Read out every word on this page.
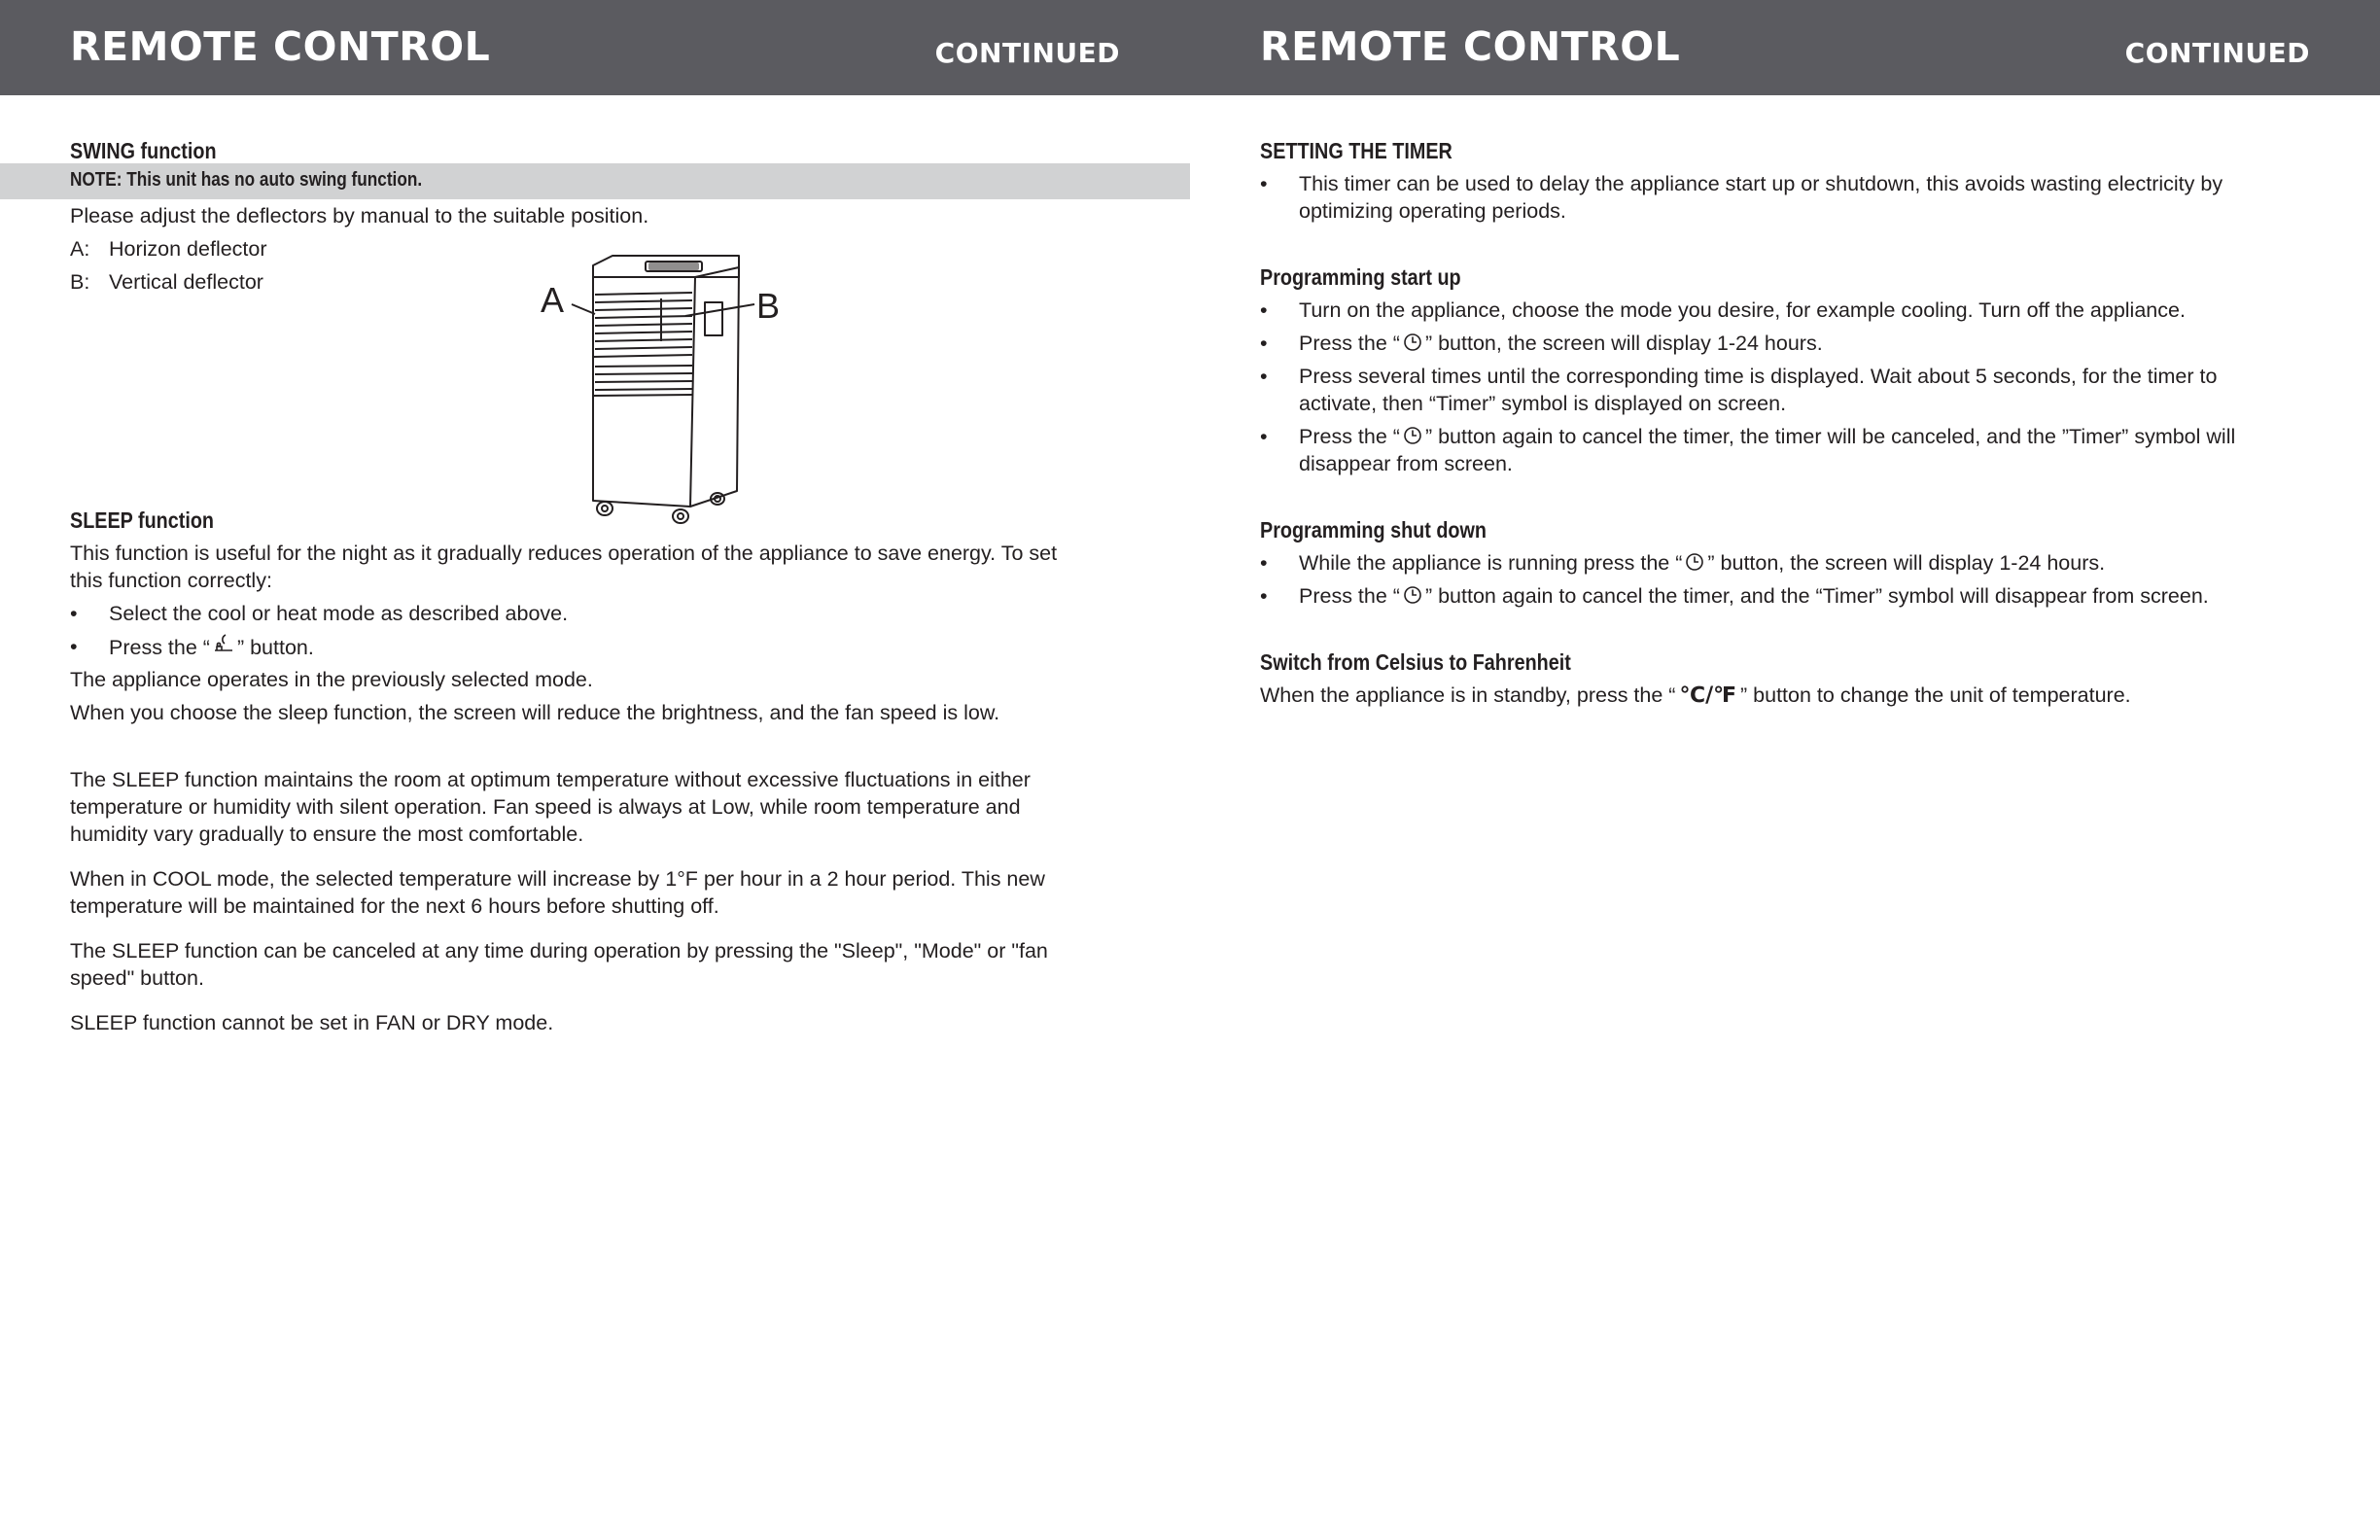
REMOTE CONTROL	CONTINUED
SWING function
NOTE: This unit has no auto swing function.
Please adjust the deflectors by manual to the suitable position.
A: Horizon deflector
B: Vertical deflector	A	B
SLEEP function
This function is useful for the night as it gradually reduces operation of the appliance to save energy. To set
this function correctly:
• Select the cool or heat mode as described above.
• Press the “ ” button.
The appliance operates in the previously selected mode.
When you choose the sleep function, the screen will reduce the brightness, and the fan speed is low.
The SLEEP function maintains the room at optimum temperature without excessive fluctuations in either
temperature or humidity with silent operation. Fan speed is always at Low, while room temperature and
humidity vary gradually to ensure the most comfortable.
When in COOL mode, the selected temperature will increase by 1°F per hour in a 2 hour period. This new
temperature will be maintained for the next 6 hours before shutting off.
The SLEEP function can be canceled at any time during operation by pressing the "Sleep", "Mode" or "fan
speed" button.
SLEEP function cannot be set in FAN or DRY mode.
REMOTE CONTROL	CONTINUED
SETTING THE TIMER
• This timer can be used to delay the appliance start up or shutdown, this avoids wasting electricity by
optimizing operating periods.
Programming start up
• Turn on the appliance, choose the mode you desire, for example cooling. Turn off the appliance.
• Press the “ ” button, the screen will display 1-24 hours.
• Press several times until the corresponding time is displayed. Wait about 5 seconds, for the timer to
activate, then “Timer” symbol is displayed on screen.
• Press the “ ” button again to cancel the timer, the timer will be canceled, and the ”Timer” symbol will
disappear from screen.
Programming shut down
• While the appliance is running press the “ ” button, the screen will display 1-24 hours.
• Press the “ ” button again to cancel the timer, and the “Timer” symbol will disappear from screen.
Switch from Celsius to Fahrenheit
When the appliance is in standby, press the “ ℃/℉ ” button to change the unit of temperature.
